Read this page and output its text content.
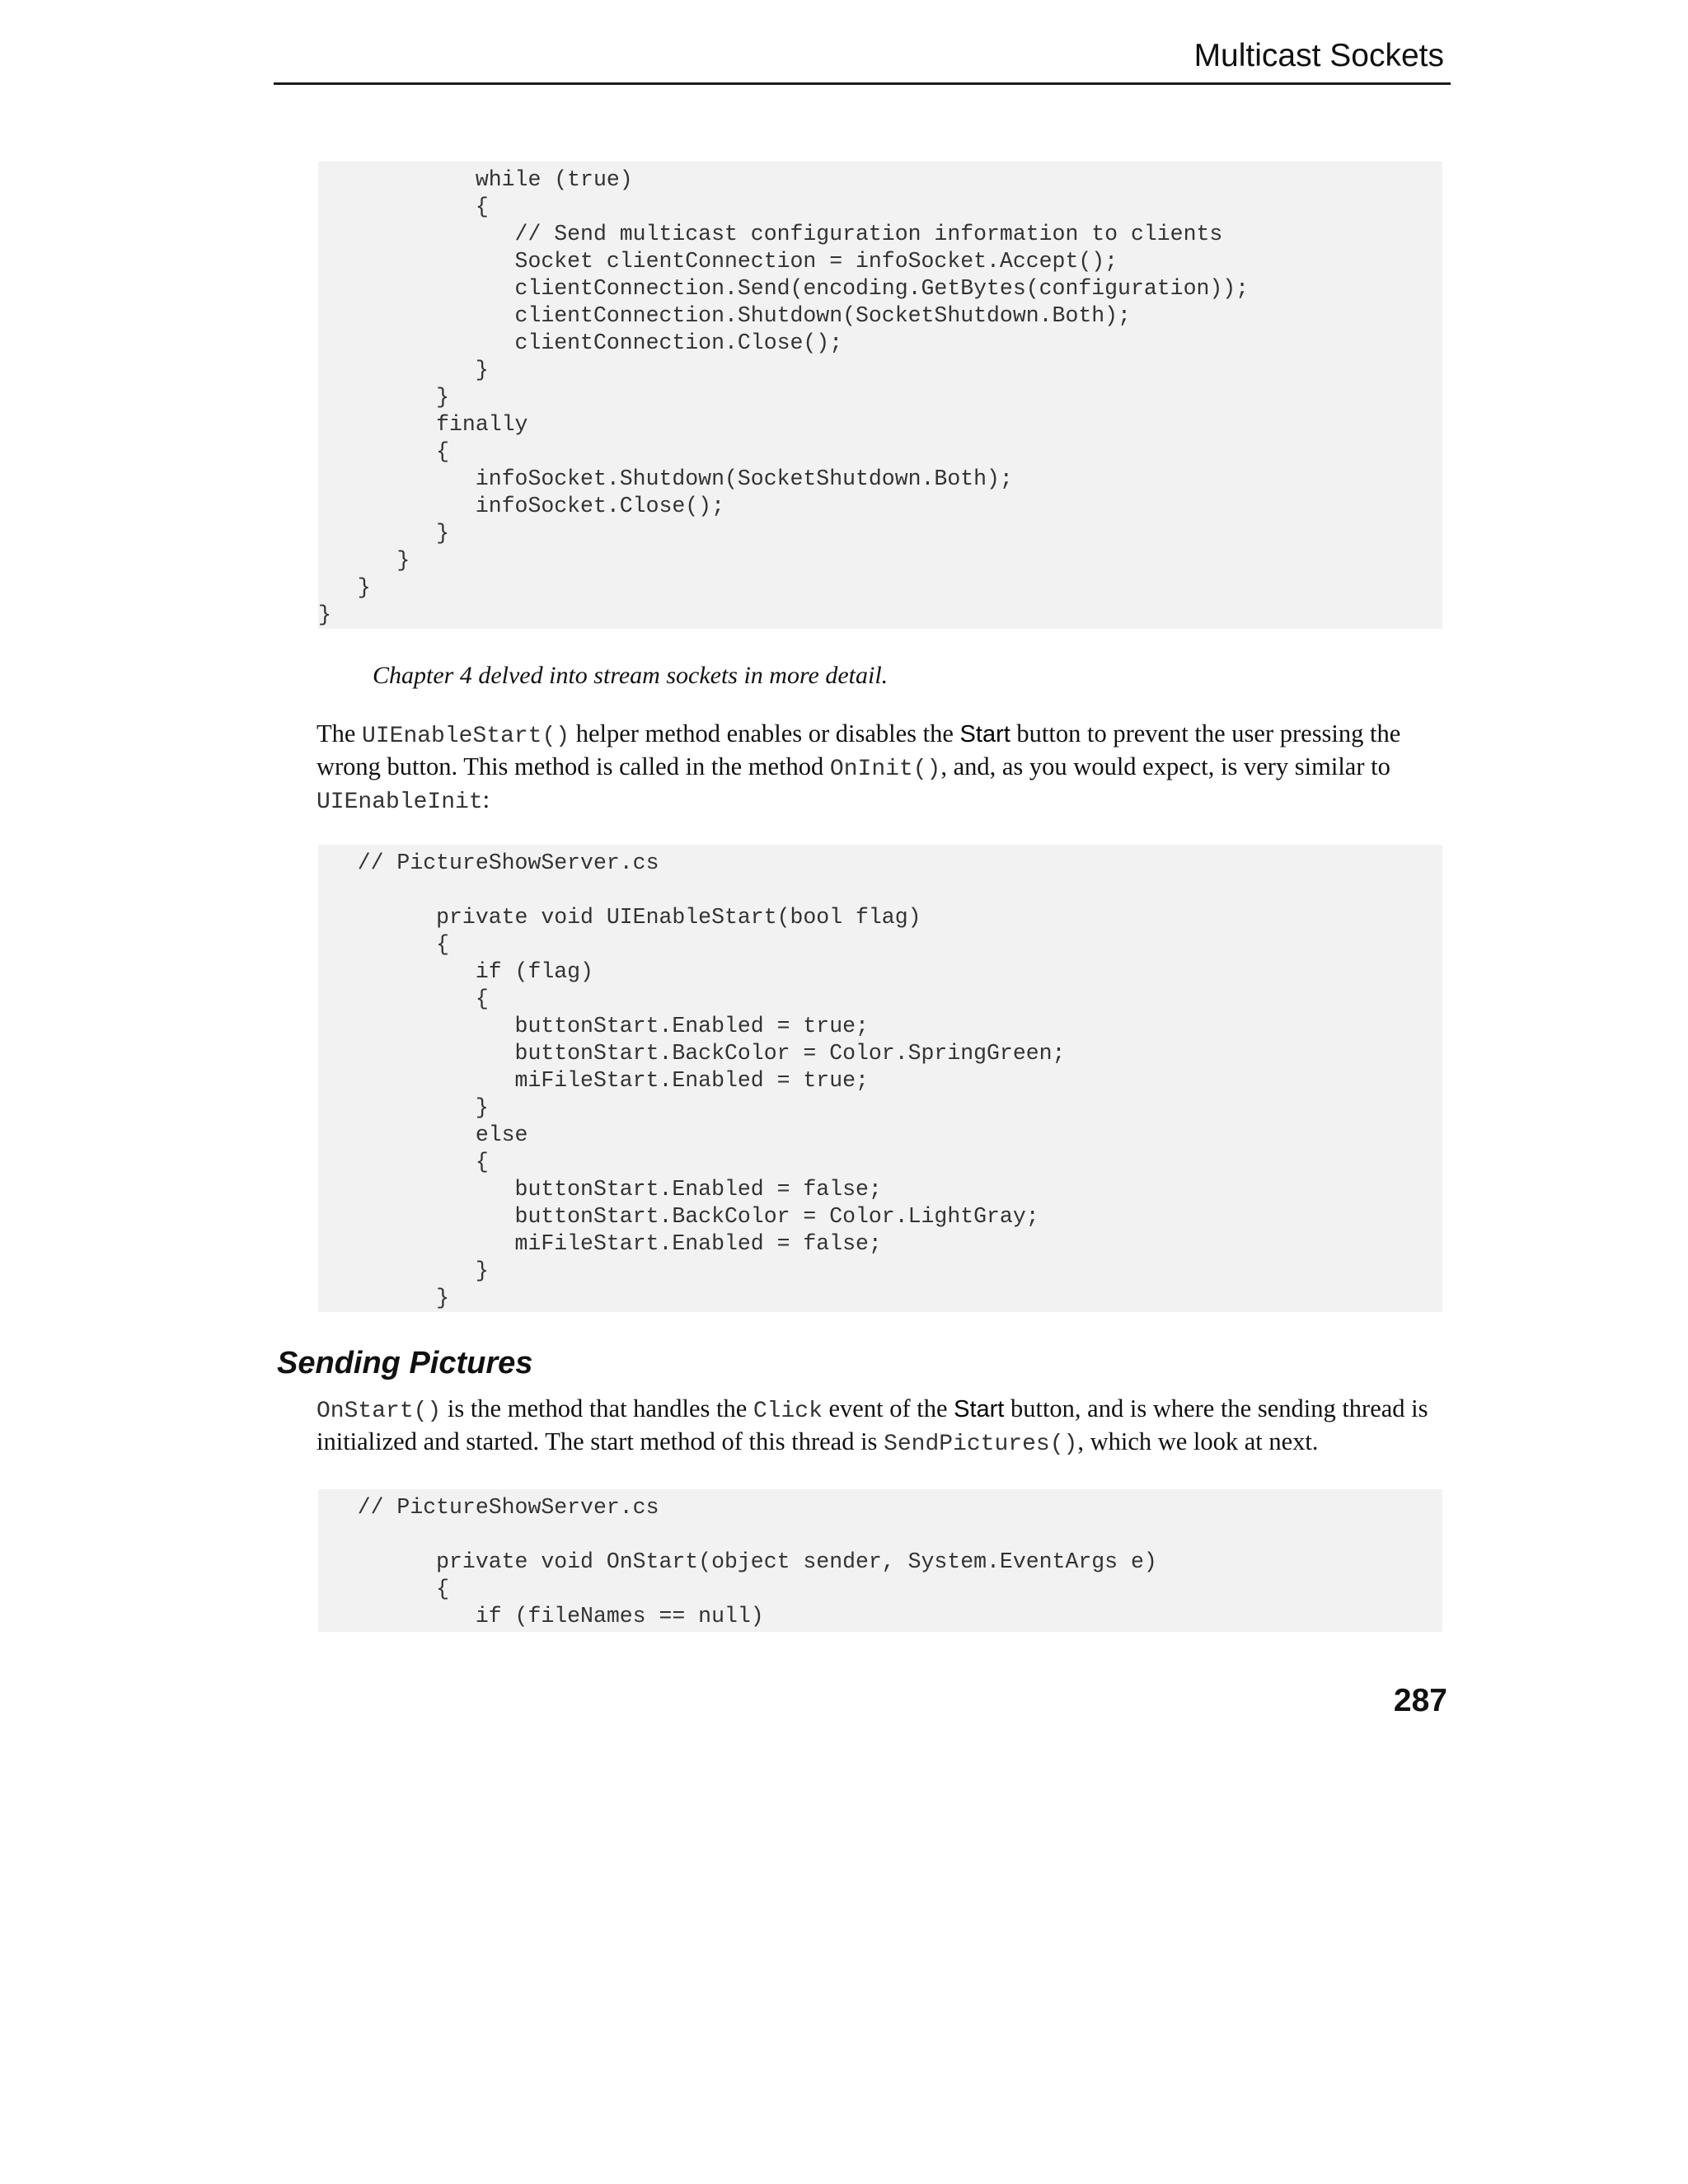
Multicast Sockets
while (true)
{
// Send multicast configuration information to clients
Socket clientConnection = infoSocket.Accept();
clientConnection.Send(encoding.GetBytes(configuration));
clientConnection.Shutdown(SocketShutdown.Both);
clientConnection.Close();
}
}
finally
{
infoSocket.Shutdown(SocketShutdown.Both);
infoSocket.Close();
}
}
}
}

Chapter 4 delved into stream sockets in more detail.

The UIEnableStart() helper method enables or disables the Start button to prevent the user pressing the wrong button. This method is called in the method OnInit(), and, as you would expect, is very similar to UIEnableInit:

// PictureShowServer.cs
private void UIEnableStart(bool flag)
{
if (flag)
{
buttonStart.Enabled = true;
buttonStart.BackColor = Color.SpringGreen;
miFileStart.Enabled = true;
}
else
{
buttonStart.Enabled = false;
buttonStart.BackColor = Color.LightGray;
miFileStart.Enabled = false;
}
}
Sending Pictures

OnStart() is the method that handles the Click event of the Start button, and is where the sending thread is initialized and started. The start method of this thread is SendPictures(), which we look at next.

// PictureShowServer.cs
private void OnStart(object sender, System.EventArgs e)
{
if (fileNames == null)

287
